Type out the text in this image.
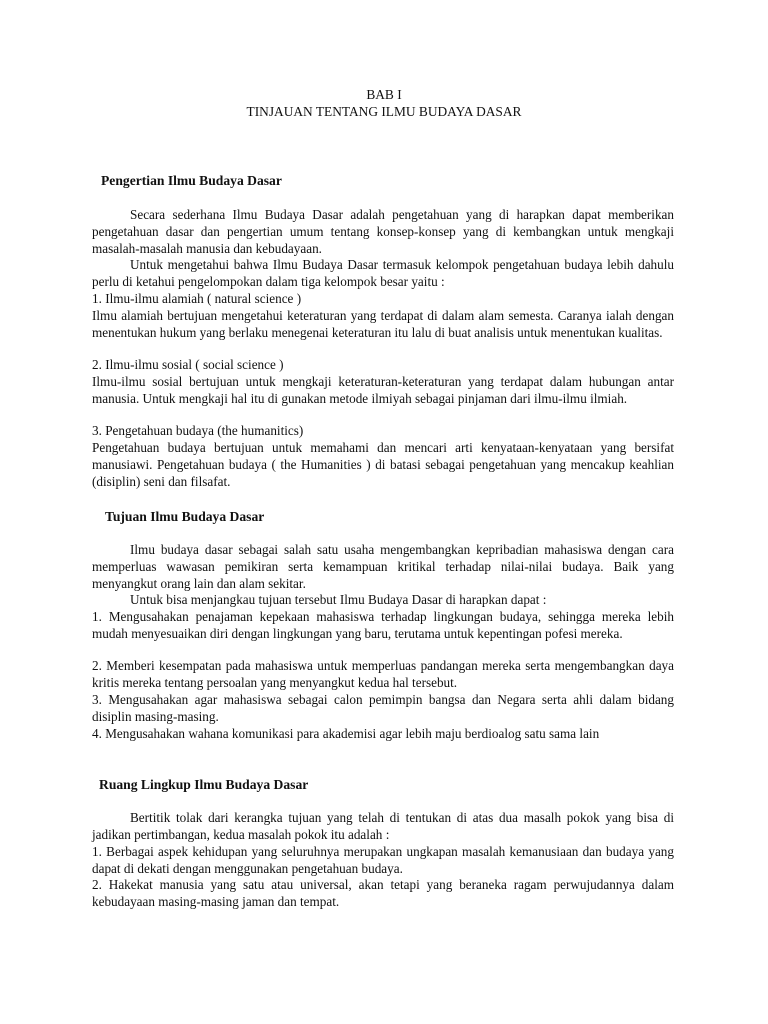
BAB I
TINJAUAN TENTANG ILMU BUDAYA DASAR
Pengertian Ilmu Budaya Dasar

Secara sederhana Ilmu Budaya Dasar adalah pengetahuan yang di harapkan dapat memberikan pengetahuan dasar dan pengertian umum tentang konsep-konsep yang di kembangkan untuk mengkaji masalah-masalah manusia dan kebudayaan.

Untuk mengetahui bahwa Ilmu Budaya Dasar termasuk kelompok pengetahuan budaya lebih dahulu perlu di ketahui pengelompokan dalam tiga kelompok besar yaitu :

1. Ilmu-ilmu alamiah ( natural science )

Ilmu alamiah bertujuan mengetahui keteraturan yang terdapat di dalam alam semesta. Caranya ialah dengan menentukan hukum yang berlaku menegenai keteraturan itu lalu di buat analisis untuk menentukan kualitas.

2. Ilmu-ilmu sosial ( social science )

Ilmu-ilmu sosial bertujuan untuk mengkaji keteraturan-keteraturan yang terdapat dalam hubungan antar manusia. Untuk mengkaji hal itu di gunakan metode ilmiyah sebagai pinjaman dari ilmu-ilmu ilmiah.

3. Pengetahuan budaya (the humanitics)

Pengetahuan budaya bertujuan untuk memahami dan mencari arti kenyataan-kenyataan yang bersifat manusiawi. Pengetahuan budaya ( the Humanities ) di batasi sebagai pengetahuan yang mencakup keahlian (disiplin) seni dan filsafat.

Tujuan Ilmu Budaya Dasar

Ilmu budaya dasar sebagai salah satu usaha mengembangkan kepribadian mahasiswa dengan cara memperluas wawasan pemikiran serta kemampuan kritikal terhadap nilai-nilai budaya. Baik yang menyangkut orang lain dan alam sekitar.

Untuk bisa menjangkau tujuan tersebut Ilmu Budaya Dasar di harapkan dapat :

1. Mengusahakan penajaman kepekaan mahasiswa terhadap lingkungan budaya, sehingga mereka lebih mudah menyesuaikan diri dengan lingkungan yang baru, terutama untuk kepentingan pofesi mereka.

2. Memberi kesempatan pada mahasiswa untuk memperluas pandangan mereka serta mengembangkan daya kritis mereka tentang persoalan yang menyangkut kedua hal tersebut.

3. Mengusahakan agar mahasiswa sebagai calon pemimpin bangsa dan Negara serta ahli dalam bidang disiplin masing-masing.

4. Mengusahakan wahana komunikasi para akademisi agar lebih maju berdioalog satu sama lain

Ruang Lingkup Ilmu Budaya Dasar

Bertitik tolak dari kerangka tujuan yang telah di tentukan di atas dua masalh pokok yang bisa di jadikan pertimbangan, kedua masalah pokok itu adalah :

1. Berbagai aspek kehidupan yang seluruhnya merupakan ungkapan masalah kemanusiaan dan budaya yang dapat di dekati dengan menggunakan pengetahuan budaya.

2. Hakekat manusia yang satu atau universal, akan tetapi yang beraneka ragam perwujudannya dalam kebudayaan masing-masing jaman dan tempat.
